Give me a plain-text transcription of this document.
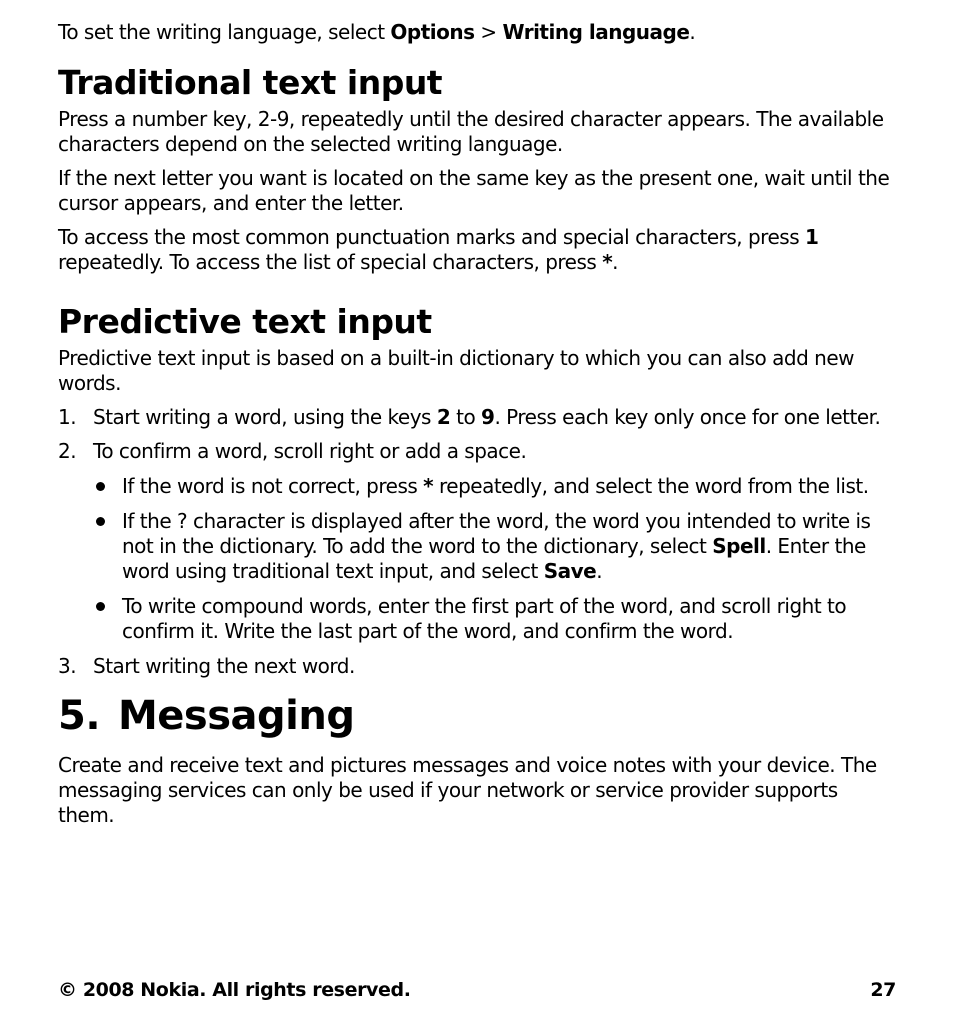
To set the writing language, select Options > Writing language.

Traditional text input

Press a number key, 2-9, repeatedly until the desired character appears. The available characters depend on the selected writing language.

If the next letter you want is located on the same key as the present one, wait until the cursor appears, and enter the letter.

To access the most common punctuation marks and special characters, press 1 repeatedly. To access the list of special characters, press *.

Predictive text input

Predictive text input is based on a built-in dictionary to which you can also add new words.

1. Start writing a word, using the keys 2 to 9. Press each key only once for one letter.
2. To confirm a word, scroll right or add a space.
If the word is not correct, press * repeatedly, and select the word from the list.
If the ? character is displayed after the word, the word you intended to write is not in the dictionary. To add the word to the dictionary, select Spell. Enter the word using traditional text input, and select Save.
To write compound words, enter the first part of the word, and scroll right to confirm it. Write the last part of the word, and confirm the word.
3. Start writing the next word.
5. Messaging

Create and receive text and pictures messages and voice notes with your device. The messaging services can only be used if your network or service provider supports them.

© 2008 Nokia. All rights reserved.	27
